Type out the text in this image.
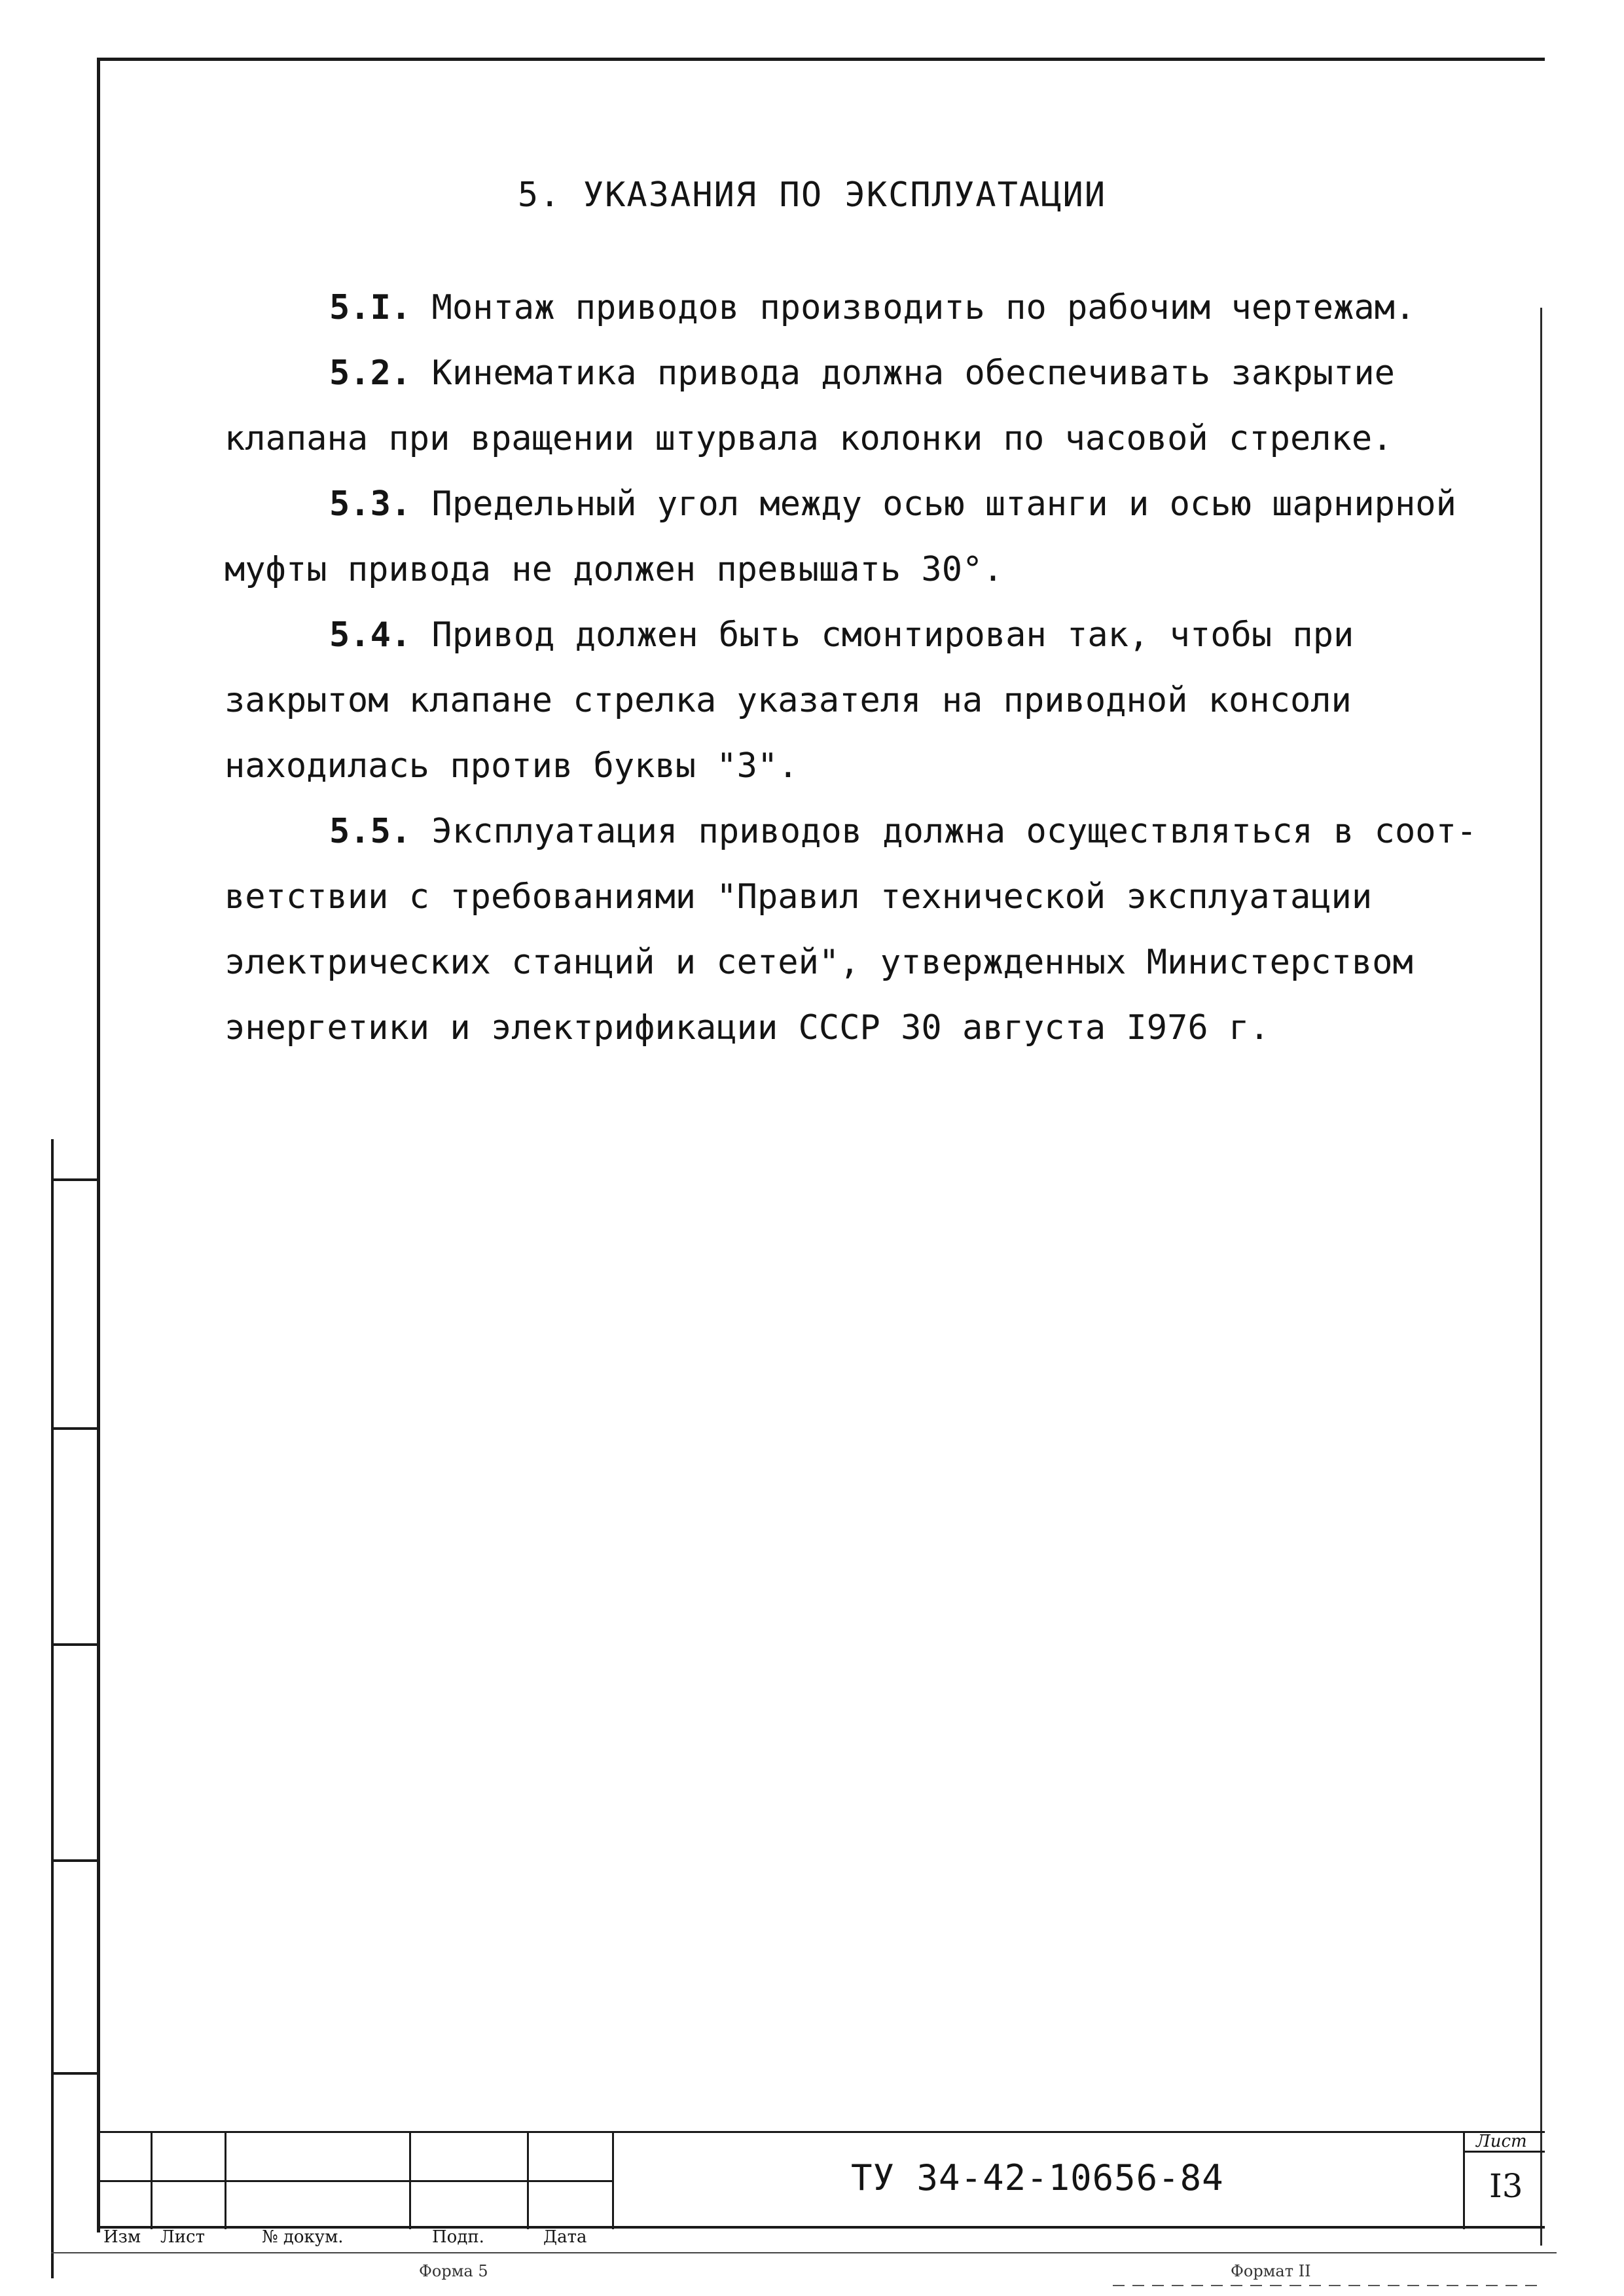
5. УКАЗАНИЯ ПО ЭКСПЛУАТАЦИИ
5.I. Монтаж приводов производить по рабочим чертежам.
5.2. Кинематика привода должна обеспечивать закрытие
клапана при вращении штурвала колонки по часовой стрелке.
5.3. Предельный угол между осью штанги и осью шарнирной
муфты привода не должен превышать 30°.
5.4. Привод должен быть смонтирован так, чтобы при
закрытом клапане стрелка указателя на приводной консоли
находилась против буквы "З".
5.5. Эксплуатация приводов должна осуществляться в соот-
ветствии с требованиями "Правил технической эксплуатации
электрических станций и сетей", утвержденных Министерством
энергетики и электрификации СССР 30 августа I976 г.
Изм Лист	№ докум.	Подп.	Дата
ТУ 34-42-10656-84
Лист
I3
Форма 5	Формат II
